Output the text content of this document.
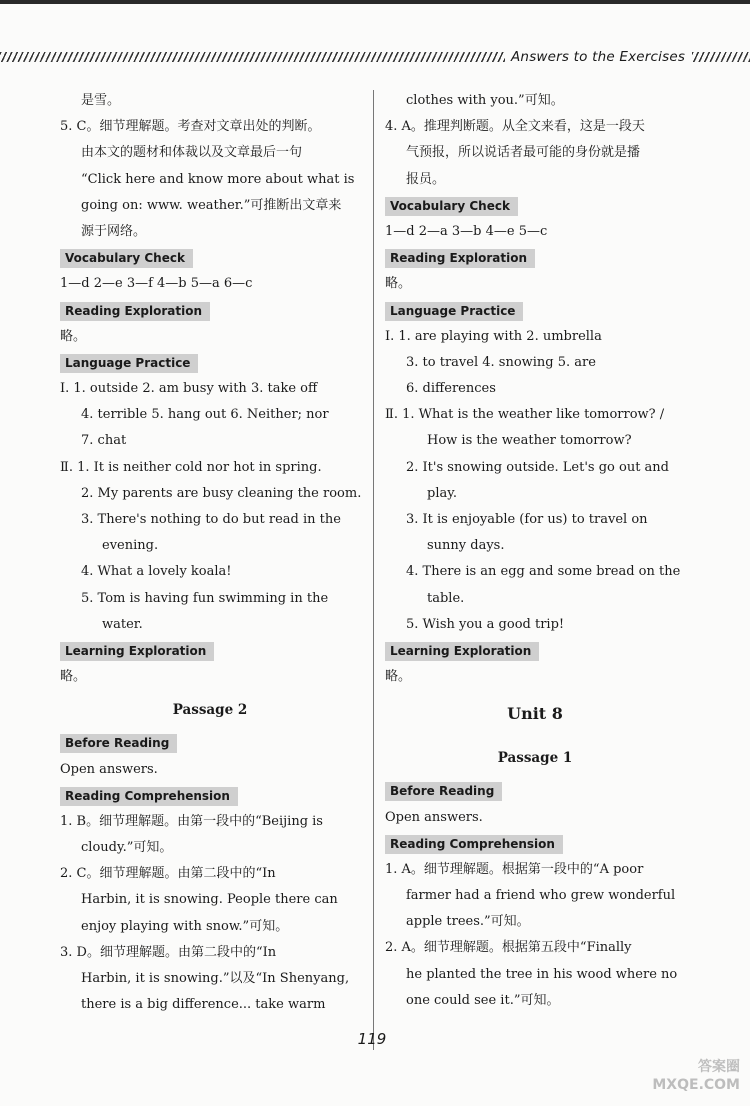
Answers to the Exercises
是雪。
5. C。细节理解题。考查对文章出处的判断。
由本文的题材和体裁以及文章最后一句
“Click here and know more about what is
going on: www. weather.”可推断出文章来
源于网络。
Vocabulary Check
1—d 2—e 3—f 4—b 5—a 6—c
Reading Exploration
略。
Language Practice
Ⅰ. 1. outside 2. am busy with 3. take off
4. terrible 5. hang out 6. Neither; nor
7. chat
Ⅱ. 1. It is neither cold nor hot in spring.
2. My parents are busy cleaning the room.
3. There's nothing to do but read in the
evening.
4. What a lovely koala!
5. Tom is having fun swimming in the
water.
Learning Exploration
略。
Passage 2
Before Reading
Open answers.
Reading Comprehension
1. B。细节理解题。由第一段中的“Beijing is
cloudy.”可知。
2. C。细节理解题。由第二段中的“In
Harbin, it is snowing. People there can
enjoy playing with snow.”可知。
3. D。细节理解题。由第二段中的“In
Harbin, it is snowing.”以及“In Shenyang,
there is a big difference... take warm
clothes with you.”可知。
4. A。推理判断题。从全文来看，这是一段天
气预报，所以说话者最可能的身份就是播
报员。
Vocabulary Check
1—d 2—a 3—b 4—e 5—c
Reading Exploration
略。
Language Practice
Ⅰ. 1. are playing with 2. umbrella
3. to travel 4. snowing 5. are
6. differences
Ⅱ. 1. What is the weather like tomorrow? /
How is the weather tomorrow?
2. It's snowing outside. Let's go out and
play.
3. It is enjoyable (for us) to travel on
sunny days.
4. There is an egg and some bread on the
table.
5. Wish you a good trip!
Learning Exploration
略。
Unit 8
Passage 1
Before Reading
Open answers.
Reading Comprehension
1. A。细节理解题。根据第一段中的“A poor
farmer had a friend who grew wonderful
apple trees.”可知。
2. A。细节理解题。根据第五段中“Finally
he planted the tree in his wood where no
one could see it.”可知。
119
答案圈
MXQE.COM
